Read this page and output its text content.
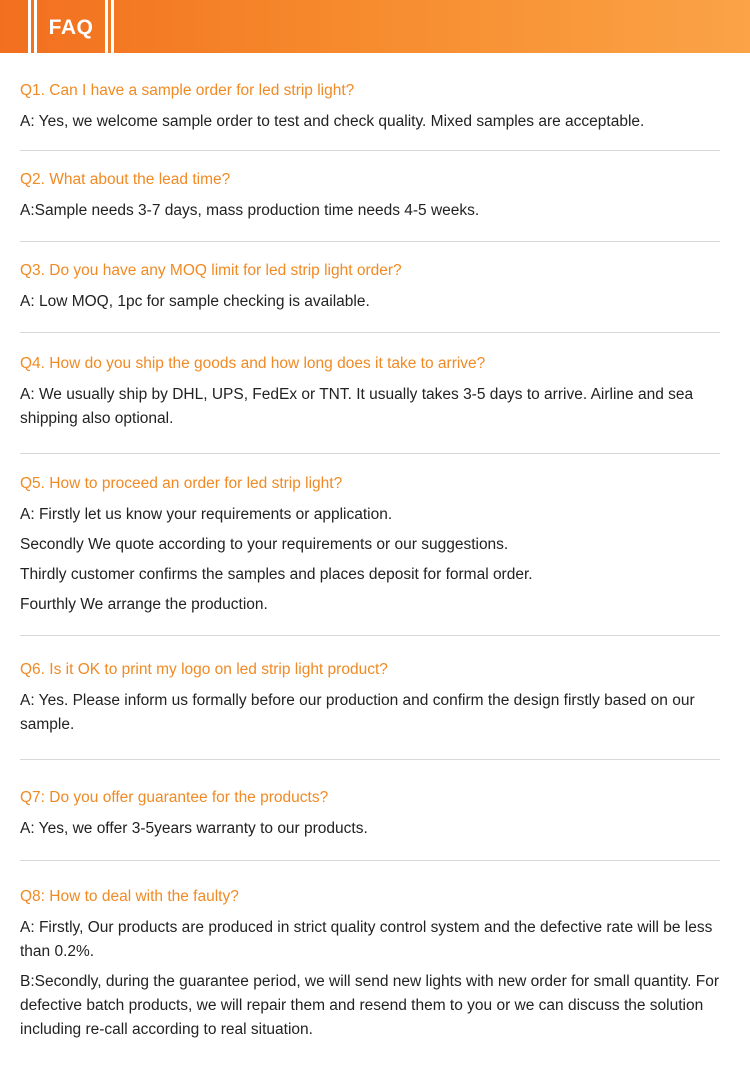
FAQ

Q1. Can I have a sample order for led strip light?

A: Yes, we welcome sample order to test and check quality. Mixed samples are acceptable.

Q2. What about the lead time?

A:Sample needs 3-7 days, mass production time needs 4-5 weeks.

Q3. Do you have any MOQ limit for led strip light order?

A: Low MOQ, 1pc for sample checking is available.

Q4. How do you ship the goods and how long does it take to arrive?

A: We usually ship by DHL, UPS, FedEx or TNT. It usually takes 3-5 days to arrive. Airline and sea shipping also optional.

Q5. How to proceed an order for led strip light?

A: Firstly let us know your requirements or application.

Secondly We quote according to your requirements or our suggestions.

Thirdly customer confirms the samples and places deposit for formal order.

Fourthly We arrange the production.

Q6. Is it OK to print my logo on led strip light product?

A: Yes. Please inform us formally before our production and confirm the design firstly based on our sample.

Q7: Do you offer guarantee for the products?

A: Yes, we offer 3-5years warranty to our products.

Q8: How to deal with the faulty?

A: Firstly, Our products are produced in strict quality control system and the defective rate will be less than 0.2%.

B:Secondly, during the guarantee period, we will send new lights with new order for small quantity. For defective batch products, we will repair them and resend them to you or we can discuss the solution including re-call according to real situation.
